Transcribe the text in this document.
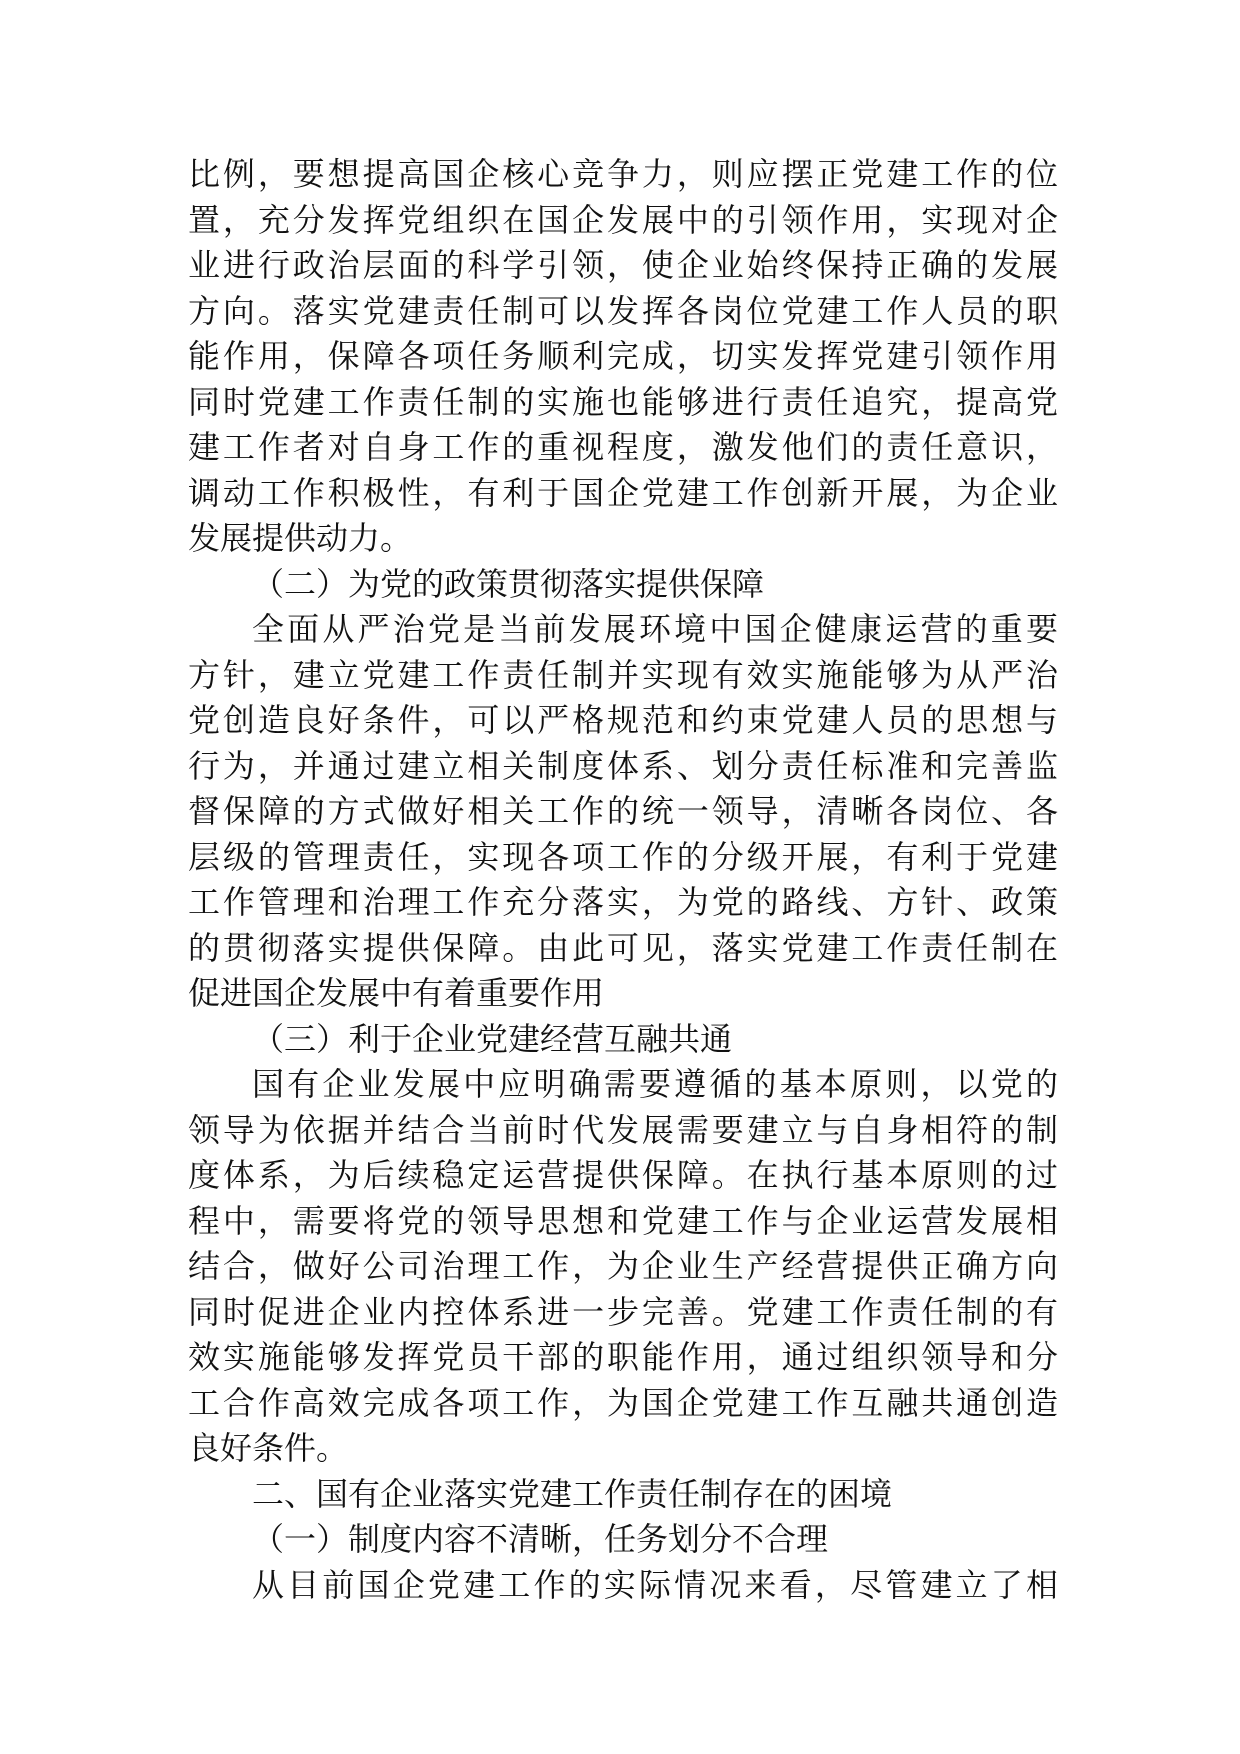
比例，要想提高国企核心竞争力，则应摆正党建工作的位
置，充分发挥党组织在国企发展中的引领作用，实现对企
业进行政治层面的科学引领，使企业始终保持正确的发展
方向。落实党建责任制可以发挥各岗位党建工作人员的职
能作用，保障各项任务顺利完成，切实发挥党建引领作用
同时党建工作责任制的实施也能够进行责任追究，提高党
建工作者对自身工作的重视程度，激发他们的责任意识，
调动工作积极性，有利于国企党建工作创新开展，为企业
发展提供动力。
（二）为党的政策贯彻落实提供保障
全面从严治党是当前发展环境中国企健康运营的重要
方针，建立党建工作责任制并实现有效实施能够为从严治
党创造良好条件，可以严格规范和约束党建人员的思想与
行为，并通过建立相关制度体系、划分责任标准和完善监
督保障的方式做好相关工作的统一领导，清晰各岗位、各
层级的管理责任，实现各项工作的分级开展，有利于党建
工作管理和治理工作充分落实，为党的路线、方针、政策
的贯彻落实提供保障。由此可见，落实党建工作责任制在
促进国企发展中有着重要作用
（三）利于企业党建经营互融共通
国有企业发展中应明确需要遵循的基本原则，以党的
领导为依据并结合当前时代发展需要建立与自身相符的制
度体系，为后续稳定运营提供保障。在执行基本原则的过
程中，需要将党的领导思想和党建工作与企业运营发展相
结合，做好公司治理工作，为企业生产经营提供正确方向
同时促进企业内控体系进一步完善。党建工作责任制的有
效实施能够发挥党员干部的职能作用，通过组织领导和分
工合作高效完成各项工作，为国企党建工作互融共通创造
良好条件。
二、国有企业落实党建工作责任制存在的困境
（一）制度内容不清晰，任务划分不合理
从目前国企党建工作的实际情况来看，尽管建立了相
